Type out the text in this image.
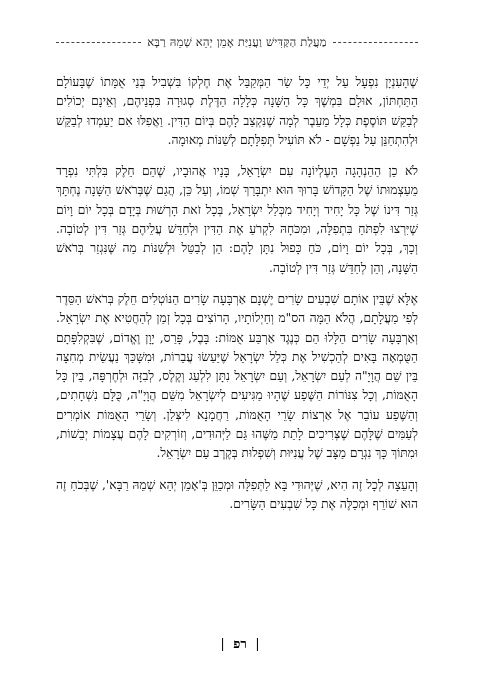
מַעֲלַת הַקַּדִּישׁ וַעֲנִיַּת אָמֵן יְהֵא שְׁמֵהּ רַבָּא

שֶׁהָעִנְיָן נִפְעָל עַל יְדֵי כָּל שַׂר הַמְּקַבֵּל אֶת חֶלְקוֹ בִּשְׁבִיל בְּנֵי אֻמָּתוֹ שֶׁבָּעוֹלָם הַתַּחְתּוֹן, אוּלָם בִּמְשֶׁךְ כָּל הַשָּׁנָה כְּלָלָה הַדֶּלֶת סְגוּרָה בִּפְנֵיהֶם, וְאֵינָם יְכוֹלִים לְבַקֵּשׁ תּוֹסֶפֶת כְּלָל מֵעֵבֶר לְמָה שֶׁנִּקְצַב לָהֶם בְּיוֹם הַדִּין. וַאֲפִלּוּ אִם יַעַמְדוּ לְבַקֵּשׁ וּלְהִתְחַנֵּן עַל נַפְשָׁם - לֹא תּוֹעִיל תְּפִלָּתָם לְשַׁנּוֹת מְאוּמָה.

לֹא כֵן הַהַנְהָגָה הָעֶלְיוֹנָה עִם יִשְׂרָאֵל, בָּנָיו אֲהוּבָיו, שֶׁהֵם חֵלֶק בִּלְתִּי נִפְרָד מֵעַצְמוּתוֹ שֶׁל הַקָּדוֹשׁ בָּרוּךְ הוּא יִתְבָּרַךְ שְׁמוֹ, וְעַל כֵּן, הֲגַם שֶׁבְּרֹאשׁ הַשָּׁנָה נֶחְתָּךְ גְּזַר דִּינוֹ שֶׁל כָּל יָחִיד וְיָחִיד מִכְּלַל יִשְׂרָאֵל, בְּכָל זֹאת הָרְשׁוּת בְּיָדָם בְּכָל יוֹם וָיוֹם שֶׁיִּרְצוּ לִפְתֹּחַ בִּתְפִלָּה, וּמִכֹּחָהּ לִקְרֹעַ אֶת הַדִּין וּלְחַדֵּשׁ עֲלֵיהֶם גְּזַר דִּין לְטוֹבָה. וְכָךְ, בְּכָל יוֹם וָיוֹם, כֹּחַ כָּפוּל נִתָּן לָהֶם: הֵן לְבַטֵּל וּלְשַׁנּוֹת מַה שֶּׁנִּגְזַר בְּרֹאשׁ הַשָּׁנָה, וְהֵן לְחַדֵּשׁ גְּזַר דִּין לְטוֹבָה.

אֶלָּא שֶׁבֵּין אוֹתָם שִׁבְעִים שָׂרִים יֶשְׁנָם אַרְבָּעָה שָׂרִים הַנּוֹטְלִים חֵלֶק בְּרֹאשׁ הַסֵּדֶר לְפִי מַעֲלָתָם, הֲלֹא הֵמָּה הס"מ וְחַיְלוֹתָיו, הָרוֹצִים בְּכָל זְמַן לְהַחֲטִיא אֶת יִשְׂרָאֵל. וְאַרְבָּעָה שָׂרִים הַלָּלוּ הֵם כְּנֶגֶד אַרְבַּע אֻמּוֹת: בָּבֶל, פָּרַס, יָוָן וֶאֱדוֹם, שֶׁבִּקְלִפָּתָם הַטֻּמְאָה בָּאִים לְהַכְשִׁיל אֶת כְּלַל יִשְׂרָאֵל שֶׁיַּעַשׂוּ עֲבֵרוֹת, וּמִשָּׁכַּךְ נַעֲשֵׂית מְחִצָּה בֵּין שֵׁם הֲוָיָ"ה לְעַם יִשְׂרָאֵל, וְעַם יִשְׂרָאֵל נִתָּן לִלְעַג וְקֶלֶס, לְבִזָּה וּלְחֶרְפָּה, בֵּין כָּל הָאֻמּוֹת, וְכָל צִנּוֹרוֹת הַשֶּׁפַע שֶׁהָיוּ מַגִּיעִים לְיִשְׂרָאֵל מִשֵּׁם הֲוָיָ"ה, כֻּלָּם נִשְׁחָתִים, וְהַשֶּׁפַע עוֹבֵר אֶל אַרְצוֹת שָׂרֵי הָאֻמּוֹת, רַחֲמָנָא לִיצְּלַן. וְשָׂרֵי הָאֻמּוֹת אוֹמְרִים לְעַמִּים שֶׁלָּהֶם שֶׁצְּרִיכִים לָתֵת מַשֶּׁהוּ גַּם לַיְּהוּדִים, וְזוֹרְקִים לָהֶם עֲצָמוֹת יְבֵשׁוֹת, וּמִתּוֹךְ כָּךְ נִגְרָם מַצָּב שֶׁל עֲנִיּוּת וְשִׁפְלוּת בְּקֶרֶב עַם יִשְׂרָאֵל.

וְהָעֵצָה לְכָל זֶה הִיא, שֶׁיְּהוּדִי בָּא לַתְּפִלָּה וּמְכַוֵּן בְּ'אָמֵן יְהֵא שְׁמֵהּ רַבָּא', שֶׁבְּכֹחַ זֶה הוּא שׁוֹרֵף וּמְכַלֶּה אֶת כָּל שִׁבְעִים הַשָּׂרִים.

| רפ |
